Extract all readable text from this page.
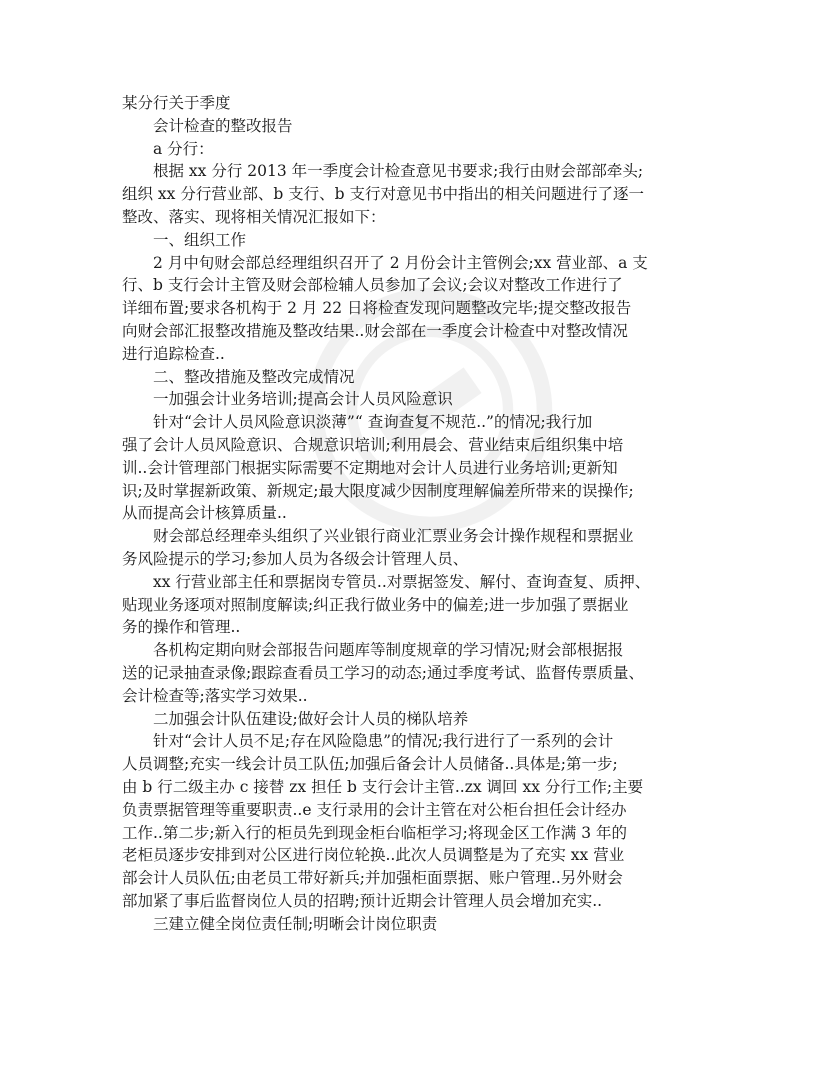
某分行关于季度
会计检查的整改报告
a 分行：
根据 xx 分行 2013 年一季度会计检查意见书要求;我行由财会部部牵头;
组织 xx 分行营业部、b 支行、b 支行对意见书中指出的相关问题进行了逐一
整改、落实、现将相关情况汇报如下：
一、组织工作
2 月中旬财会部总经理组织召开了 2 月份会计主管例会;xx 营业部、a 支
行、b 支行会计主管及财会部检辅人员参加了会议;会议对整改工作进行了
详细布置;要求各机构于 2 月 22 日将检查发现问题整改完毕;提交整改报告
向财会部汇报整改措施及整改结果..财会部在一季度会计检查中对整改情况
进行追踪检查..
二、整改措施及整改完成情况
一加强会计业务培训;提高会计人员风险意识
针对“会计人员风险意识淡薄”“ 查询查复不规范..”的情况;我行加
强了会计人员风险意识、合规意识培训;利用晨会、营业结束后组织集中培
训..会计管理部门根据实际需要不定期地对会计人员进行业务培训;更新知
识;及时掌握新政策、新规定;最大限度减少因制度理解偏差所带来的误操作;
从而提高会计核算质量..
财会部总经理牵头组织了兴业银行商业汇票业务会计操作规程和票据业
务风险提示的学习;参加人员为各级会计管理人员、
xx 行营业部主任和票据岗专管员..对票据签发、解付、查询查复、质押、
贴现业务逐项对照制度解读;纠正我行做业务中的偏差;进一步加强了票据业
务的操作和管理..
各机构定期向财会部报告问题库等制度规章的学习情况;财会部根据报
送的记录抽查录像;跟踪查看员工学习的动态;通过季度考试、监督传票质量、
会计检查等;落实学习效果..
二加强会计队伍建设;做好会计人员的梯队培养
针对“会计人员不足;存在风险隐患”的情况;我行进行了一系列的会计
人员调整;充实一线会计员工队伍;加强后备会计人员储备..具体是;第一步;
由 b 行二级主办 c 接替 zx 担任 b 支行会计主管..zx 调回 xx 分行工作;主要
负责票据管理等重要职责..e 支行录用的会计主管在对公柜台担任会计经办
工作..第二步;新入行的柜员先到现金柜台临柜学习;将现金区工作满 3 年的
老柜员逐步安排到对公区进行岗位轮换..此次人员调整是为了充实 xx 营业
部会计人员队伍;由老员工带好新兵;并加强柜面票据、账户管理..另外财会
部加紧了事后监督岗位人员的招聘;预计近期会计管理人员会增加充实..
三建立健全岗位责任制;明晰会计岗位职责
